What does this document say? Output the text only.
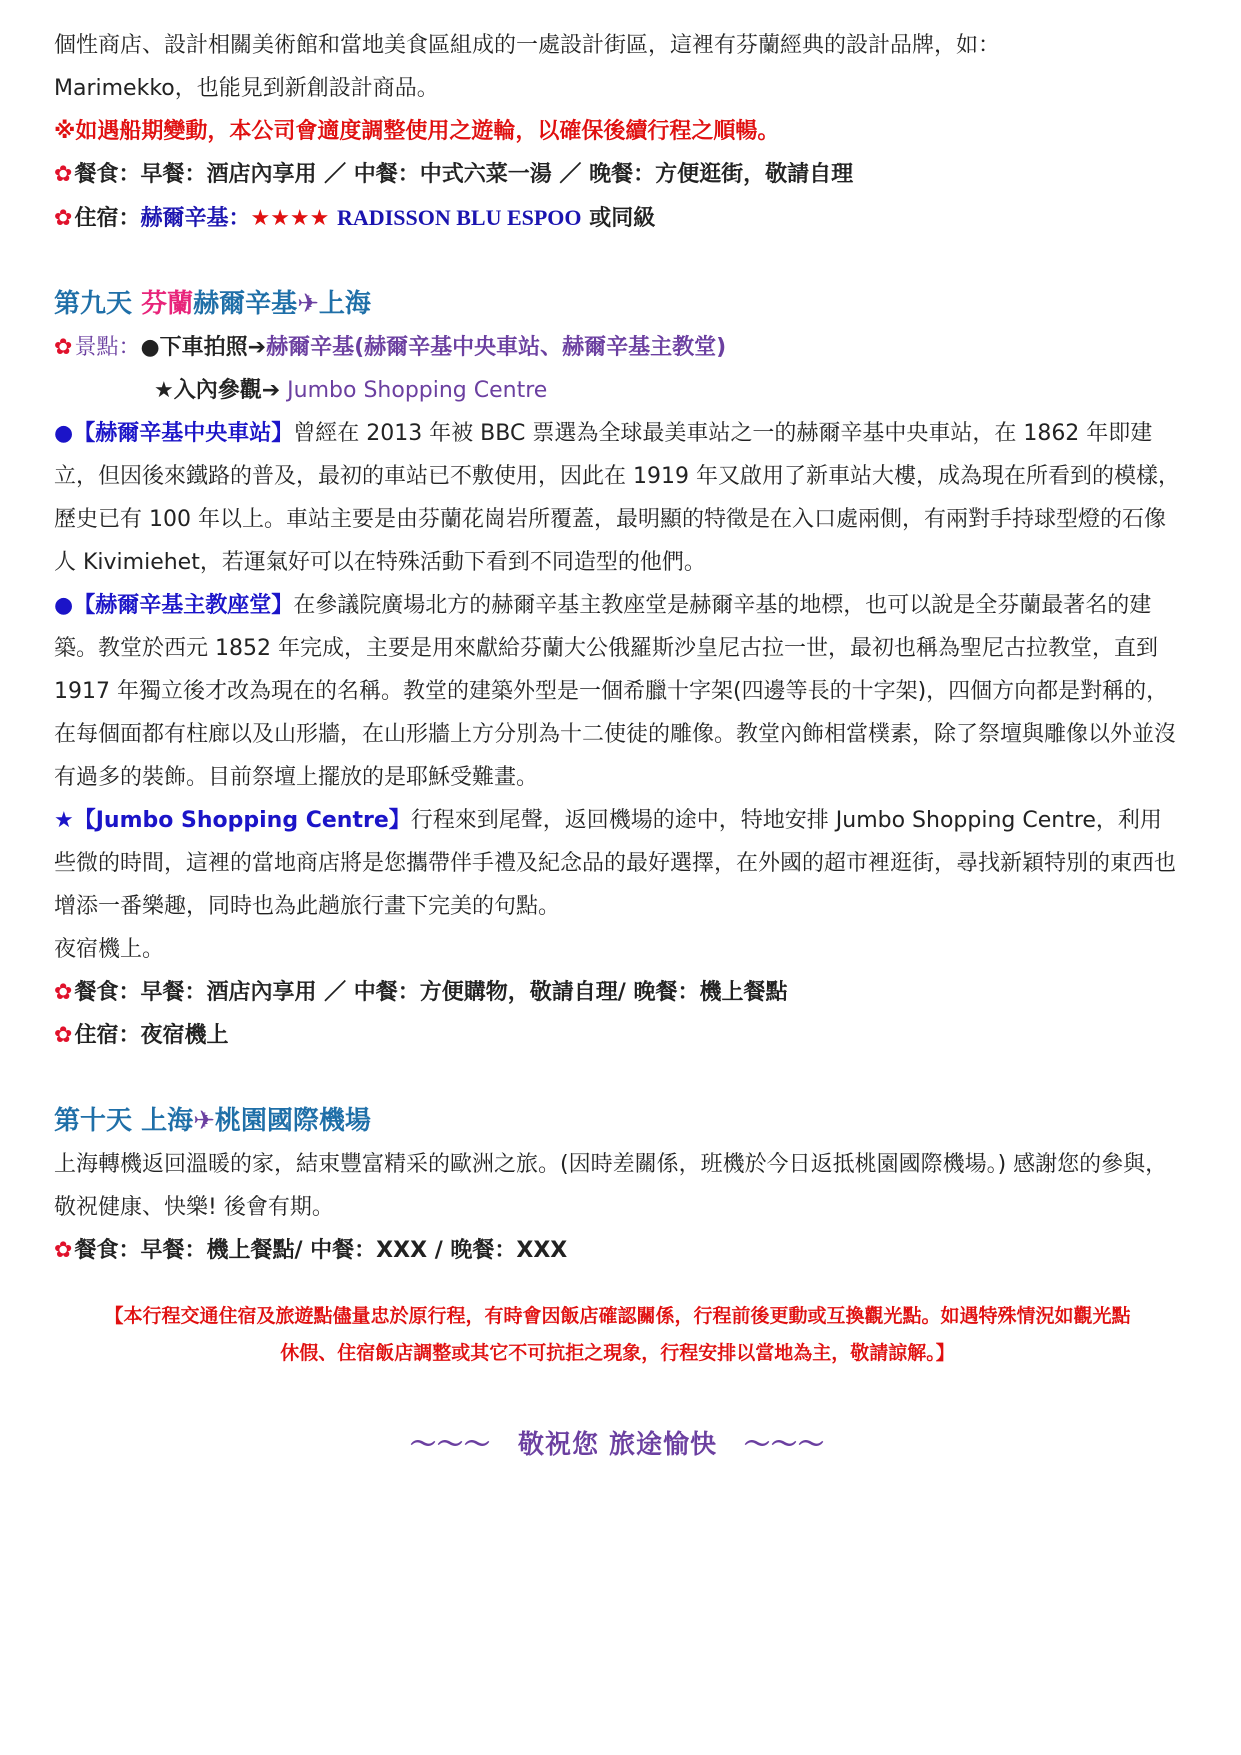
個性商店、設計相關美術館和當地美食區組成的一處設計街區，這裡有芬蘭經典的設計品牌，如：

Marimekko，也能見到新創設計商品。

※如遇船期變動，本公司會適度調整使用之遊輪，以確保後續行程之順暢。

✿餐食：早餐：酒店內享用 ／ 中餐：中式六菜一湯 ／ 晚餐：方便逛街，敬請自理

✿住宿：赫爾辛基：★★★★ RADISSON BLU ESPOO 或同級

第九天 芬蘭赫爾辛基✈上海

✿景點：●下車拍照➔赫爾辛基(赫爾辛基中央車站、赫爾辛基主教堂)

★入內參觀➔ Jumbo Shopping Centre

●【赫爾辛基中央車站】曾經在 2013 年被 BBC 票選為全球最美車站之一的赫爾辛基中央車站，在 1862 年即建立，但因後來鐵路的普及，最初的車站已不敷使用，因此在 1919 年又啟用了新車站大樓，成為現在所看到的模樣，歷史已有 100 年以上。車站主要是由芬蘭花崗岩所覆蓋，最明顯的特徵是在入口處兩側，有兩對手持球型燈的石像人 Kivimiehet，若運氣好可以在特殊活動下看到不同造型的他們。

●【赫爾辛基主教座堂】在參議院廣場北方的赫爾辛基主教座堂是赫爾辛基的地標，也可以說是全芬蘭最著名的建築。教堂於西元 1852 年完成，主要是用來獻給芬蘭大公俄羅斯沙皇尼古拉一世，最初也稱為聖尼古拉教堂，直到 1917 年獨立後才改為現在的名稱。教堂的建築外型是一個希臘十字架(四邊等長的十字架)，四個方向都是對稱的，在每個面都有柱廊以及山形牆，在山形牆上方分別為十二使徒的雕像。教堂內飾相當樸素，除了祭壇與雕像以外並沒有過多的裝飾。目前祭壇上擺放的是耶穌受難畫。

★【Jumbo Shopping Centre】行程來到尾聲，返回機場的途中，特地安排 Jumbo Shopping Centre，利用些微的時間，這裡的當地商店將是您攜帶伴手禮及紀念品的最好選擇，在外國的超市裡逛街，尋找新穎特別的東西也增添一番樂趣，同時也為此趟旅行畫下完美的句點。

夜宿機上。

✿餐食：早餐：酒店內享用 ／ 中餐：方便購物，敬請自理/ 晚餐：機上餐點

✿住宿：夜宿機上

第十天 上海✈桃園國際機場

上海轉機返回溫暖的家，結束豐富精采的歐洲之旅。(因時差關係，班機於今日返抵桃園國際機場。) 感謝您的參與，敬祝健康、快樂! 後會有期。

✿餐食：早餐：機上餐點/ 中餐：XXX / 晚餐：XXX

【本行程交通住宿及旅遊點儘量忠於原行程，有時會因飯店確認關係，行程前後更動或互換觀光點。如遇特殊情況如觀光點

休假、住宿飯店調整或其它不可抗拒之現象，行程安排以當地為主，敬請諒解。】

～～～　敬祝您 旅途愉快　～～～
